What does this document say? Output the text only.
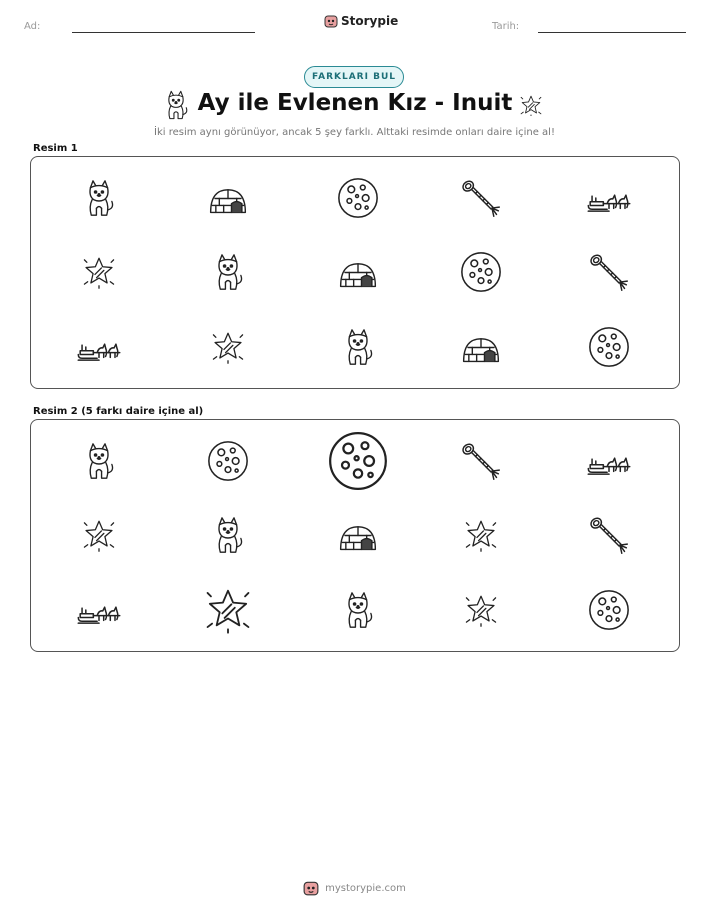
Ad:	Storypie	Tarih:
FARKLARI BUL
Ay ile Evlenen Kız - Inuit
İki resim aynı görünüyor, ancak 5 şey farklı. Alttaki resimde onları daire içine al!
Resim 1
Resim 2 (5 farkı daire içine al)
mystorypie.com
